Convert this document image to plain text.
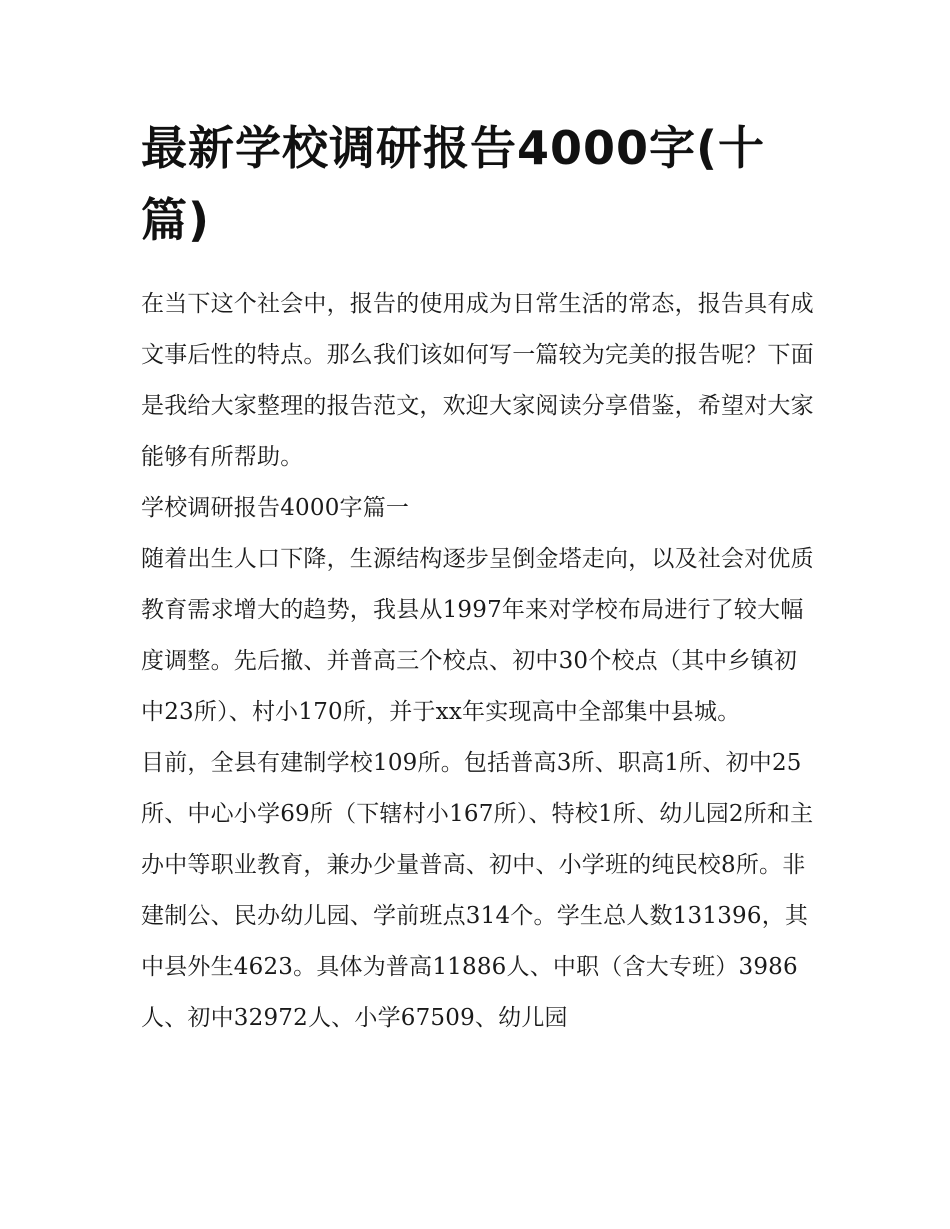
最新学校调研报告4000字(十篇)

在当下这个社会中，报告的使用成为日常生活的常态，报告具有成文事后性的特点。那么我们该如何写一篇较为完美的报告呢？下面是我给大家整理的报告范文，欢迎大家阅读分享借鉴，希望对大家能够有所帮助。

学校调研报告4000字篇一

随着出生人口下降，生源结构逐步呈倒金塔走向，以及社会对优质教育需求增大的趋势，我县从1997年来对学校布局进行了较大幅度调整。先后撤、并普高三个校点、初中30个校点（其中乡镇初中23所）、村小170所，并于xx年实现高中全部集中县城。

目前，全县有建制学校109所。包括普高3所、职高1所、初中25所、中心小学69所（下辖村小167所）、特校1所、幼儿园2所和主办中等职业教育，兼办少量普高、初中、小学班的纯民校8所。非建制公、民办幼儿园、学前班点314个。学生总人数131396，其中县外生4623。具体为普高11886人、中职（含大专班）3986人、初中32972人、小学67509、幼儿园
